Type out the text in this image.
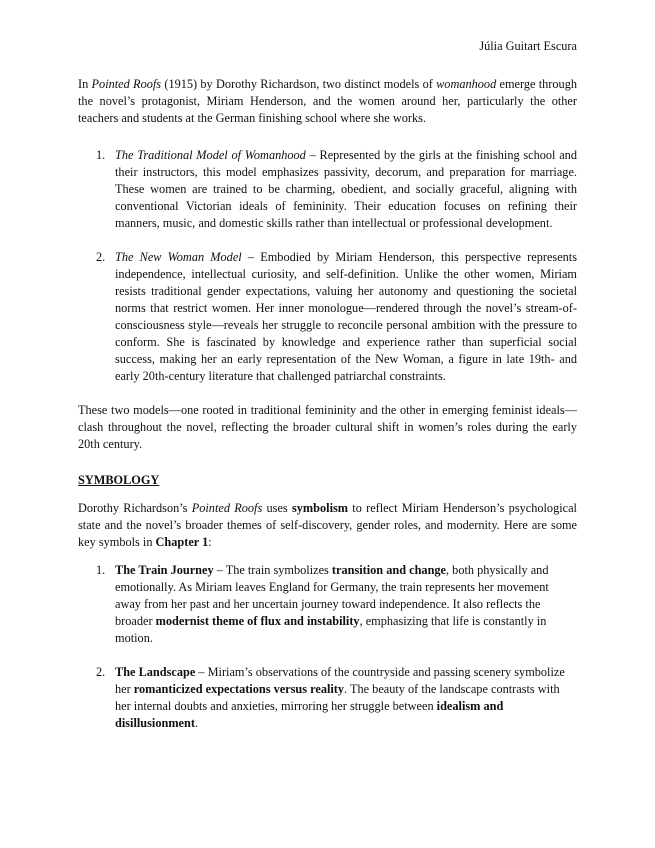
Júlia Guitart Escura

In Pointed Roofs (1915) by Dorothy Richardson, two distinct models of womanhood emerge through the novel’s protagonist, Miriam Henderson, and the women around her, particularly the other teachers and students at the German finishing school where she works.

1. The Traditional Model of Womanhood – Represented by the girls at the finishing school and their instructors, this model emphasizes passivity, decorum, and preparation for marriage. These women are trained to be charming, obedient, and socially graceful, aligning with conventional Victorian ideals of femininity. Their education focuses on refining their manners, music, and domestic skills rather than intellectual or professional development.
2. The New Woman Model – Embodied by Miriam Henderson, this perspective represents independence, intellectual curiosity, and self-definition. Unlike the other women, Miriam resists traditional gender expectations, valuing her autonomy and questioning the societal norms that restrict women. Her inner monologue—rendered through the novel’s stream-of-consciousness style—reveals her struggle to reconcile personal ambition with the pressure to conform. She is fascinated by knowledge and experience rather than superficial social success, making her an early representation of the New Woman, a figure in late 19th- and early 20th-century literature that challenged patriarchal constraints.

These two models—one rooted in traditional femininity and the other in emerging feminist ideals—clash throughout the novel, reflecting the broader cultural shift in women’s roles during the early 20th century.

SYMBOLOGY

Dorothy Richardson’s Pointed Roofs uses symbolism to reflect Miriam Henderson’s psychological state and the novel’s broader themes of self-discovery, gender roles, and modernity. Here are some key symbols in Chapter 1:

1. The Train Journey – The train symbolizes transition and change, both physically and emotionally. As Miriam leaves England for Germany, the train represents her movement away from her past and her uncertain journey toward independence. It also reflects the broader modernist theme of flux and instability, emphasizing that life is constantly in motion.
2. The Landscape – Miriam’s observations of the countryside and passing scenery symbolize her romanticized expectations versus reality. The beauty of the landscape contrasts with her internal doubts and anxieties, mirroring her struggle between idealism and disillusionment.
